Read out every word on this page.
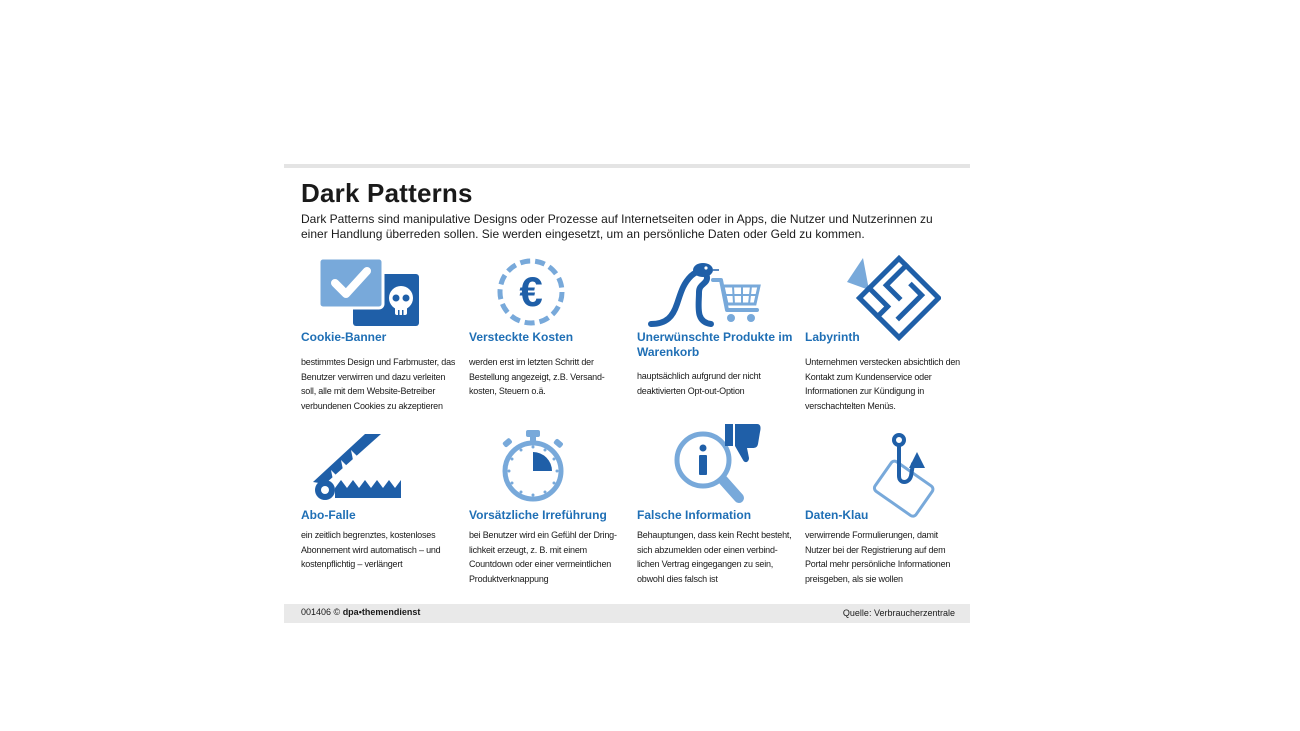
Dark Patterns
Dark Patterns sind manipulative Designs oder Prozesse auf Internetseiten oder in Apps, die Nutzer und Nutzerinnen zu einer Handlung überreden sollen. Sie werden eingesetzt, um an persönliche Daten oder Geld zu kommen.
Cookie-Banner
bestimmtes Design und Farbmuster, das Benutzer verwirren und dazu verleiten soll, alle mit dem Website-Betreiber verbundenen Cookies zu akzeptieren
€
Versteckte Kosten
werden erst im letzten Schritt der Bestellung angezeigt, z.B. Versand-kosten, Steuern o.ä.
Unerwünschte Produkte im Warenkorb
hauptsächlich aufgrund der nicht deaktivierten Opt-out-Option
Labyrinth
Unternehmen verstecken absichtlich den Kontakt zum Kundenservice oder Informationen zur Kündigung in verschachtelten Menüs.
Abo-Falle
ein zeitlich begrenztes, kostenloses Abonnement wird automatisch – und kostenpflichtig – verlängert
Vorsätzliche Irreführung
bei Benutzer wird ein Gefühl der Dring-lichkeit erzeugt, z. B. mit einem Countdown oder einer vermeintlichen Produktverknappung
Falsche Information
Behauptungen, dass kein Recht besteht, sich abzumelden oder einen verbind-lichen Vertrag eingegangen zu sein, obwohl dies falsch ist
Daten-Klau
verwirrende Formulierungen, damit Nutzer bei der Registrierung auf dem Portal mehr persönliche Informationen preisgeben, als sie wollen
001406 © dpa•themendienst	Quelle: Verbraucherzentrale
